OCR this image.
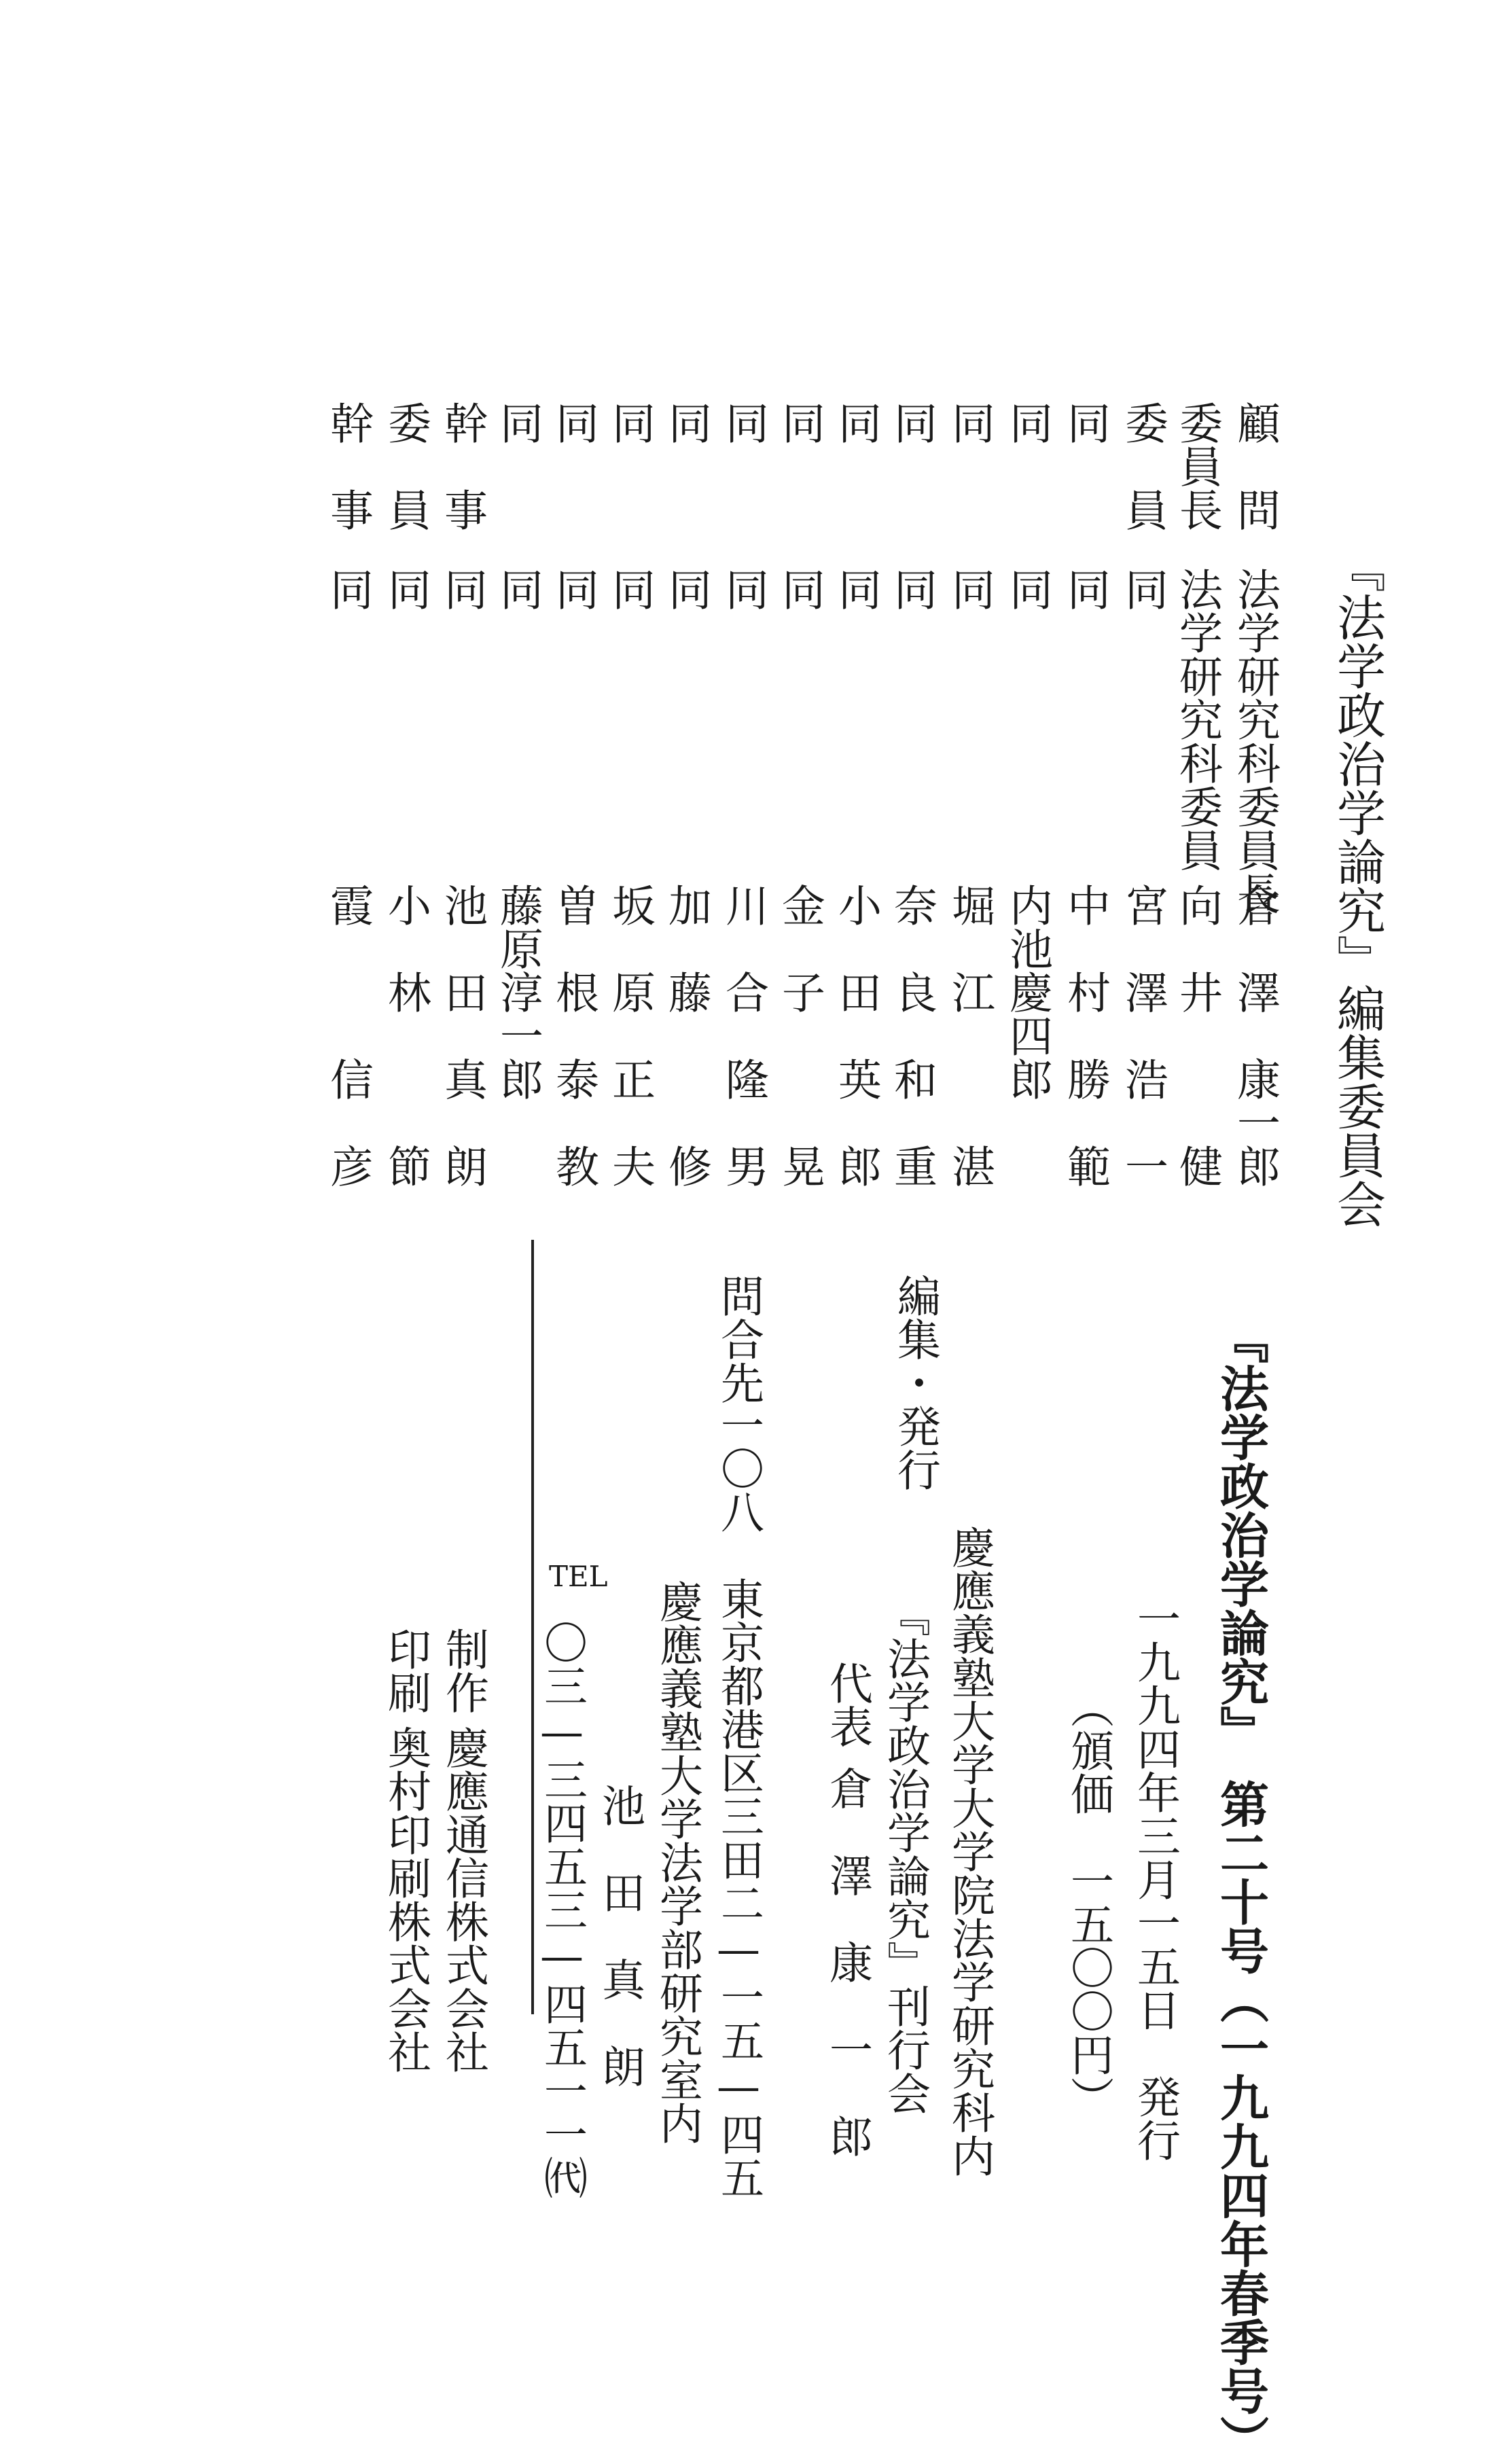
『法学政治学論究』編集委員会
顧　問
法学研究科委員長
倉　澤　康一郎
委員長
法学研究科委員
向　井　　　健
委　員
同
宮　澤　浩　一
同
同
中　村　勝　範
同
同
内池慶四郎
同
同
堀　江　　　湛
同
同
奈　良　和　重
同
同
小　田　英　郎
同
同
金　子　　　晃
同
同
川　合　隆　男
同
同
加　藤　　　修
同
同
坂　原　正　夫
同
同
曽　根　泰　教
同
同
藤原淳一郎
幹　事
同
池　田　真　朗
委　員
同
小　林　　　節
幹　事
同
霞　　　信　彦
『法学政治学論究』　第二十号（一九九四年春季号）
一九九四年三月一五日　発行
（頒価　一五〇〇円）
編集・発行
慶應義塾大学大学院法学研究科内
『法学政治学論究』刊行会
代表
倉　澤　康　一　郎
問合先
一〇八　東京都港区三田二—一五—四五
慶應義塾大学法学部研究室内
池　田　真　朗
TEL
〇三—三四五三—四五一一㈹
制作
慶應通信株式会社
印刷
奥村印刷株式会社
